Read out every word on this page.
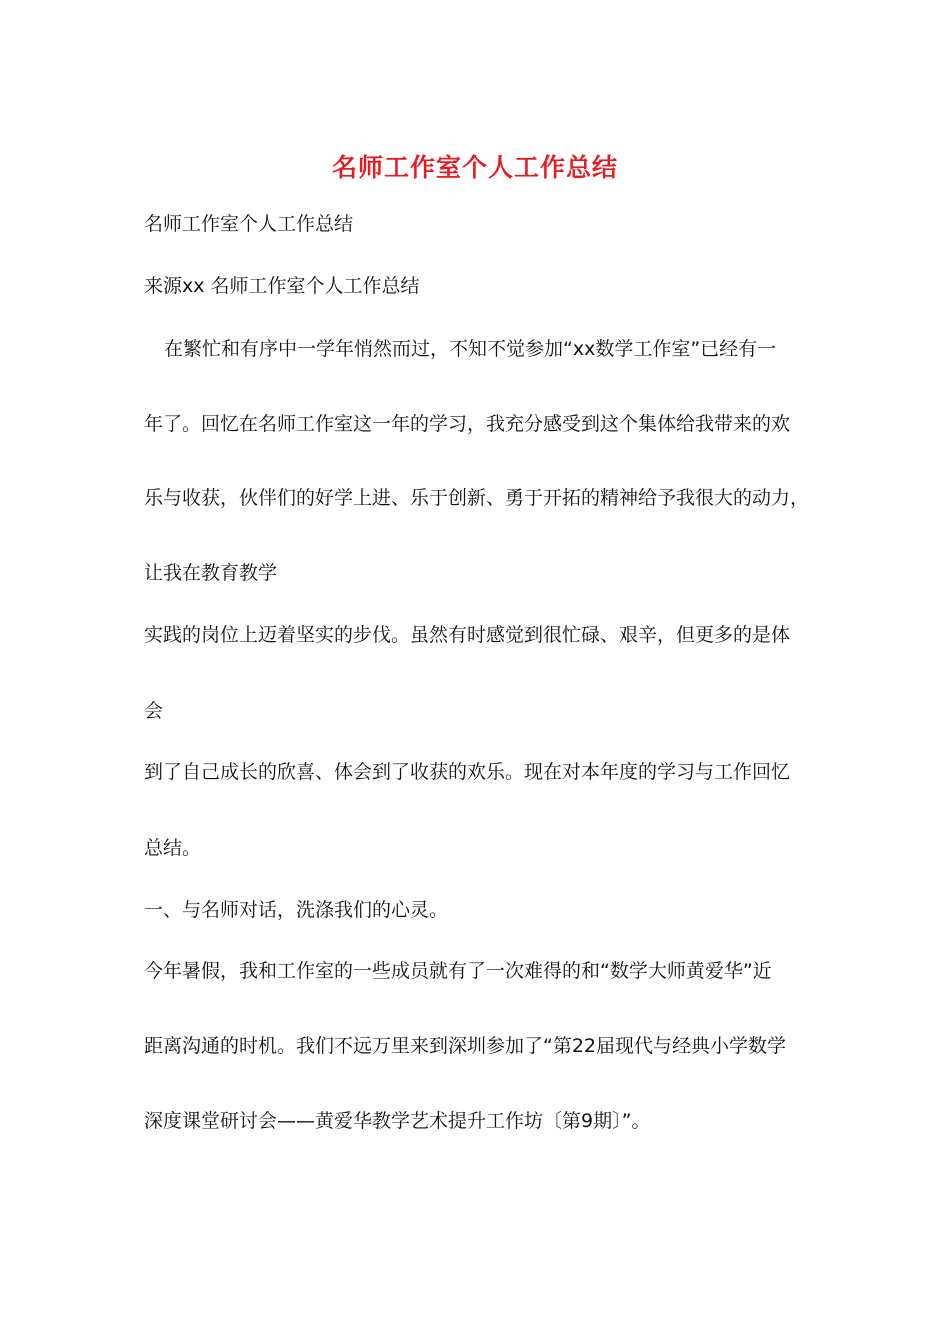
名师工作室个人工作总结
名师工作室个人工作总结
来源xx 名师工作室个人工作总结
在繁忙和有序中一学年悄然而过，不知不觉参加“xx数学工作室”已经有一
年了。回忆在名师工作室这一年的学习，我充分感受到这个集体给我带来的欢
乐与收获，伙伴们的好学上进、乐于创新、勇于开拓的精神给予我很大的动力，
让我在教育教学
实践的岗位上迈着坚实的步伐。虽然有时感觉到很忙碌、艰辛，但更多的是体
会
到了自己成长的欣喜、体会到了收获的欢乐。现在对本年度的学习与工作回忆
总结。
一、与名师对话，洗涤我们的心灵。
今年暑假，我和工作室的一些成员就有了一次难得的和“数学大师黄爱华”近
距离沟通的时机。我们不远万里来到深圳参加了“第22届现代与经典小学数学
深度课堂研讨会——黄爱华教学艺术提升工作坊〔第9期〕”。
